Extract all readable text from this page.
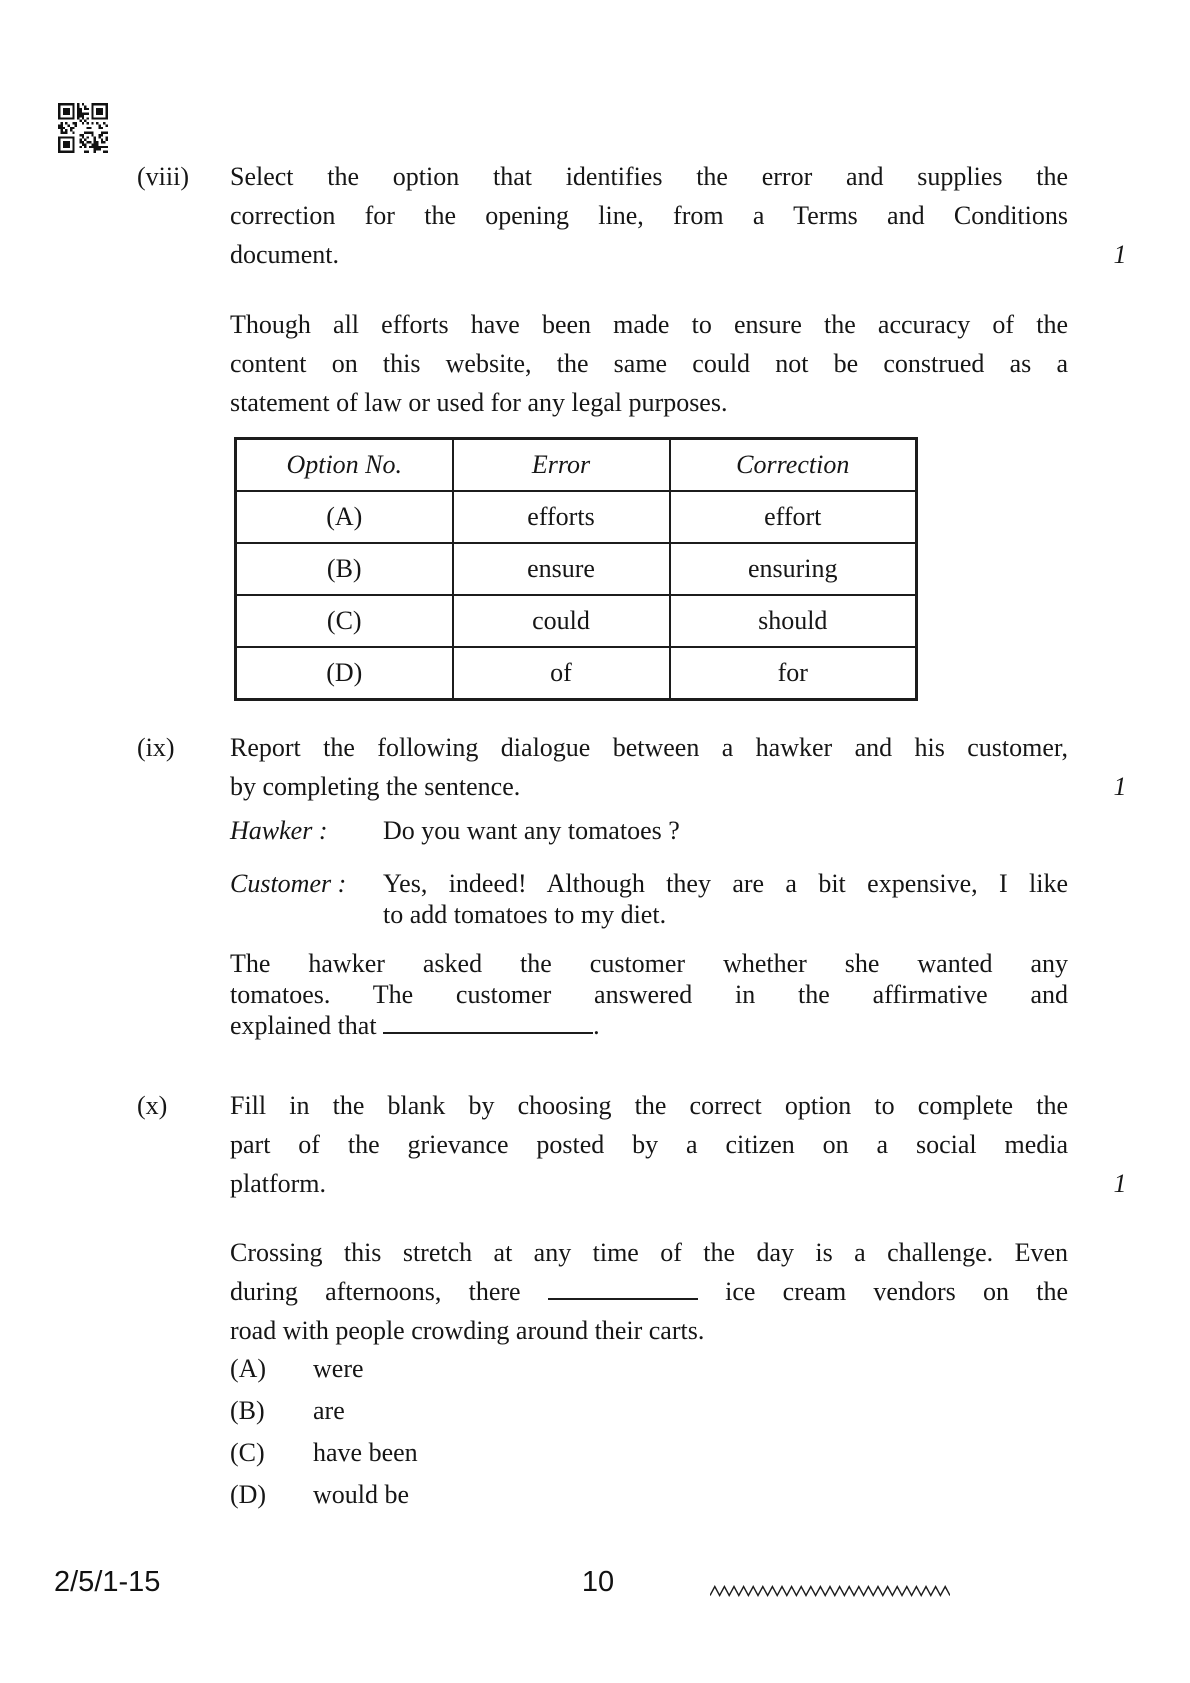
(viii) Select the option that identifies the error and supplies the
correction for the opening line, from a Terms and Conditions
document.	1
Though all efforts have been made to ensure the accuracy of the
content on this website, the same could not be construed as a
statement of law or used for any legal purposes.
Option No.	Error	Correction
(A)	efforts	effort
(B)	ensure	ensuring
(C)	could	should
(D)	of	for
(ix) Report the following dialogue between a hawker and his customer,
by completing the sentence.	1
Hawker :	Do you want any tomatoes ?
Customer :	Yes, indeed! Although they are a bit expensive, I like
to add tomatoes to my diet.
The hawker asked the customer whether she wanted any
tomatoes. The customer answered in the affirmative and
explained that	.
(x) Fill in the blank by choosing the correct option to complete the
part of the grievance posted by a citizen on a social media
platform.	1
Crossing this stretch at any time of the day is a challenge. Even
during afternoons, there	ice cream vendors on the
road with people crowding around their carts.
(A) were
(B) are
(C) have been
(D) would be
2/5/1-15	10
